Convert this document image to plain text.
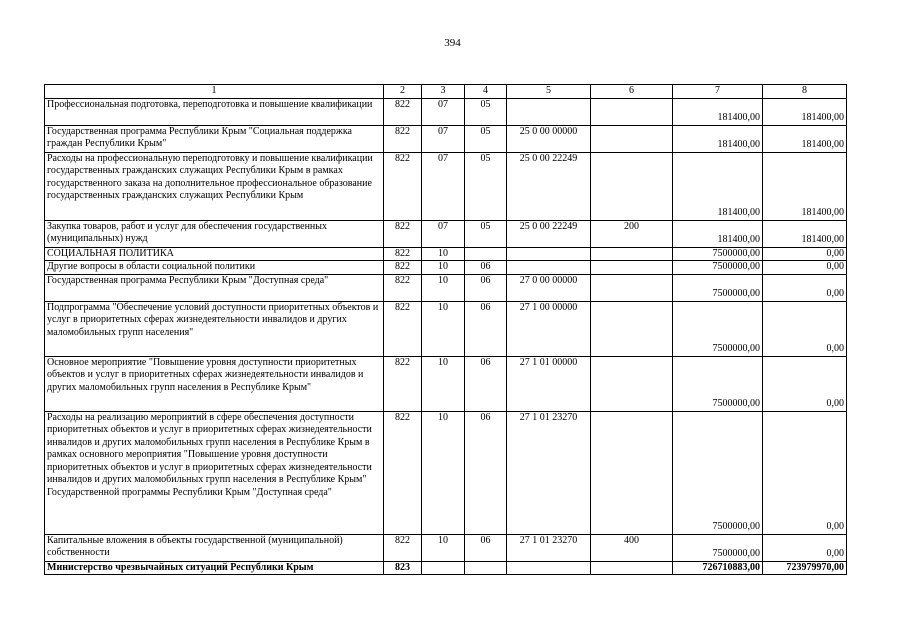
394
1	2	3	4	5	6	7	8
Профессиональная подготовка, переподготовка и повышение квалификации	822	07	05			181400,00	181400,00
Государственная программа Республики Крым "Социальная поддержка граждан Республики Крым"	822	07	05	25 0 00 00000		181400,00	181400,00
Расходы на профессиональную переподготовку и повышение квалификации государственных гражданских служащих Республики Крым в рамках государственного заказа на дополнительное профессиональное образование государственных гражданских служащих Республики Крым	822	07	05	25 0 00 22249		181400,00	181400,00
Закупка товаров, работ и услуг для обеспечения государственных (муниципальных) нужд	822	07	05	25 0 00 22249	200	181400,00	181400,00
СОЦИАЛЬНАЯ ПОЛИТИКА	822	10				7500000,00	0,00
Другие вопросы в области социальной политики	822	10	06			7500000,00	0,00
Государственная программа Республики Крым "Доступная среда"	822	10	06	27 0 00 00000		7500000,00	0,00
Подпрограмма "Обеспечение условий доступности приоритетных объектов и услуг в приоритетных сферах жизнедеятельности инвалидов и других маломобильных групп населения"	822	10	06	27 1 00 00000		7500000,00	0,00
Основное мероприятие "Повышение уровня доступности приоритетных объектов и услуг в приоритетных сферах жизнедеятельности инвалидов и других маломобильных групп населения в Республике Крым"	822	10	06	27 1 01 00000		7500000,00	0,00
Расходы на реализацию мероприятий в сфере обеспечения доступности приоритетных объектов и услуг в приоритетных сферах жизнедеятельности инвалидов и других маломобильных групп населения в Республике Крым в рамках основного мероприятия "Повышение уровня доступности приоритетных объектов и услуг в приоритетных сферах жизнедеятельности инвалидов и других маломобильных групп населения в Республике Крым" Государственной программы Республики Крым "Доступная среда"	822	10	06	27 1 01 23270		7500000,00	0,00
Капитальные вложения в объекты государственной (муниципальной) собственности	822	10	06	27 1 01 23270	400	7500000,00	0,00
Министерство чрезвычайных ситуаций Республики Крым	823					726710883,00	723979970,00
